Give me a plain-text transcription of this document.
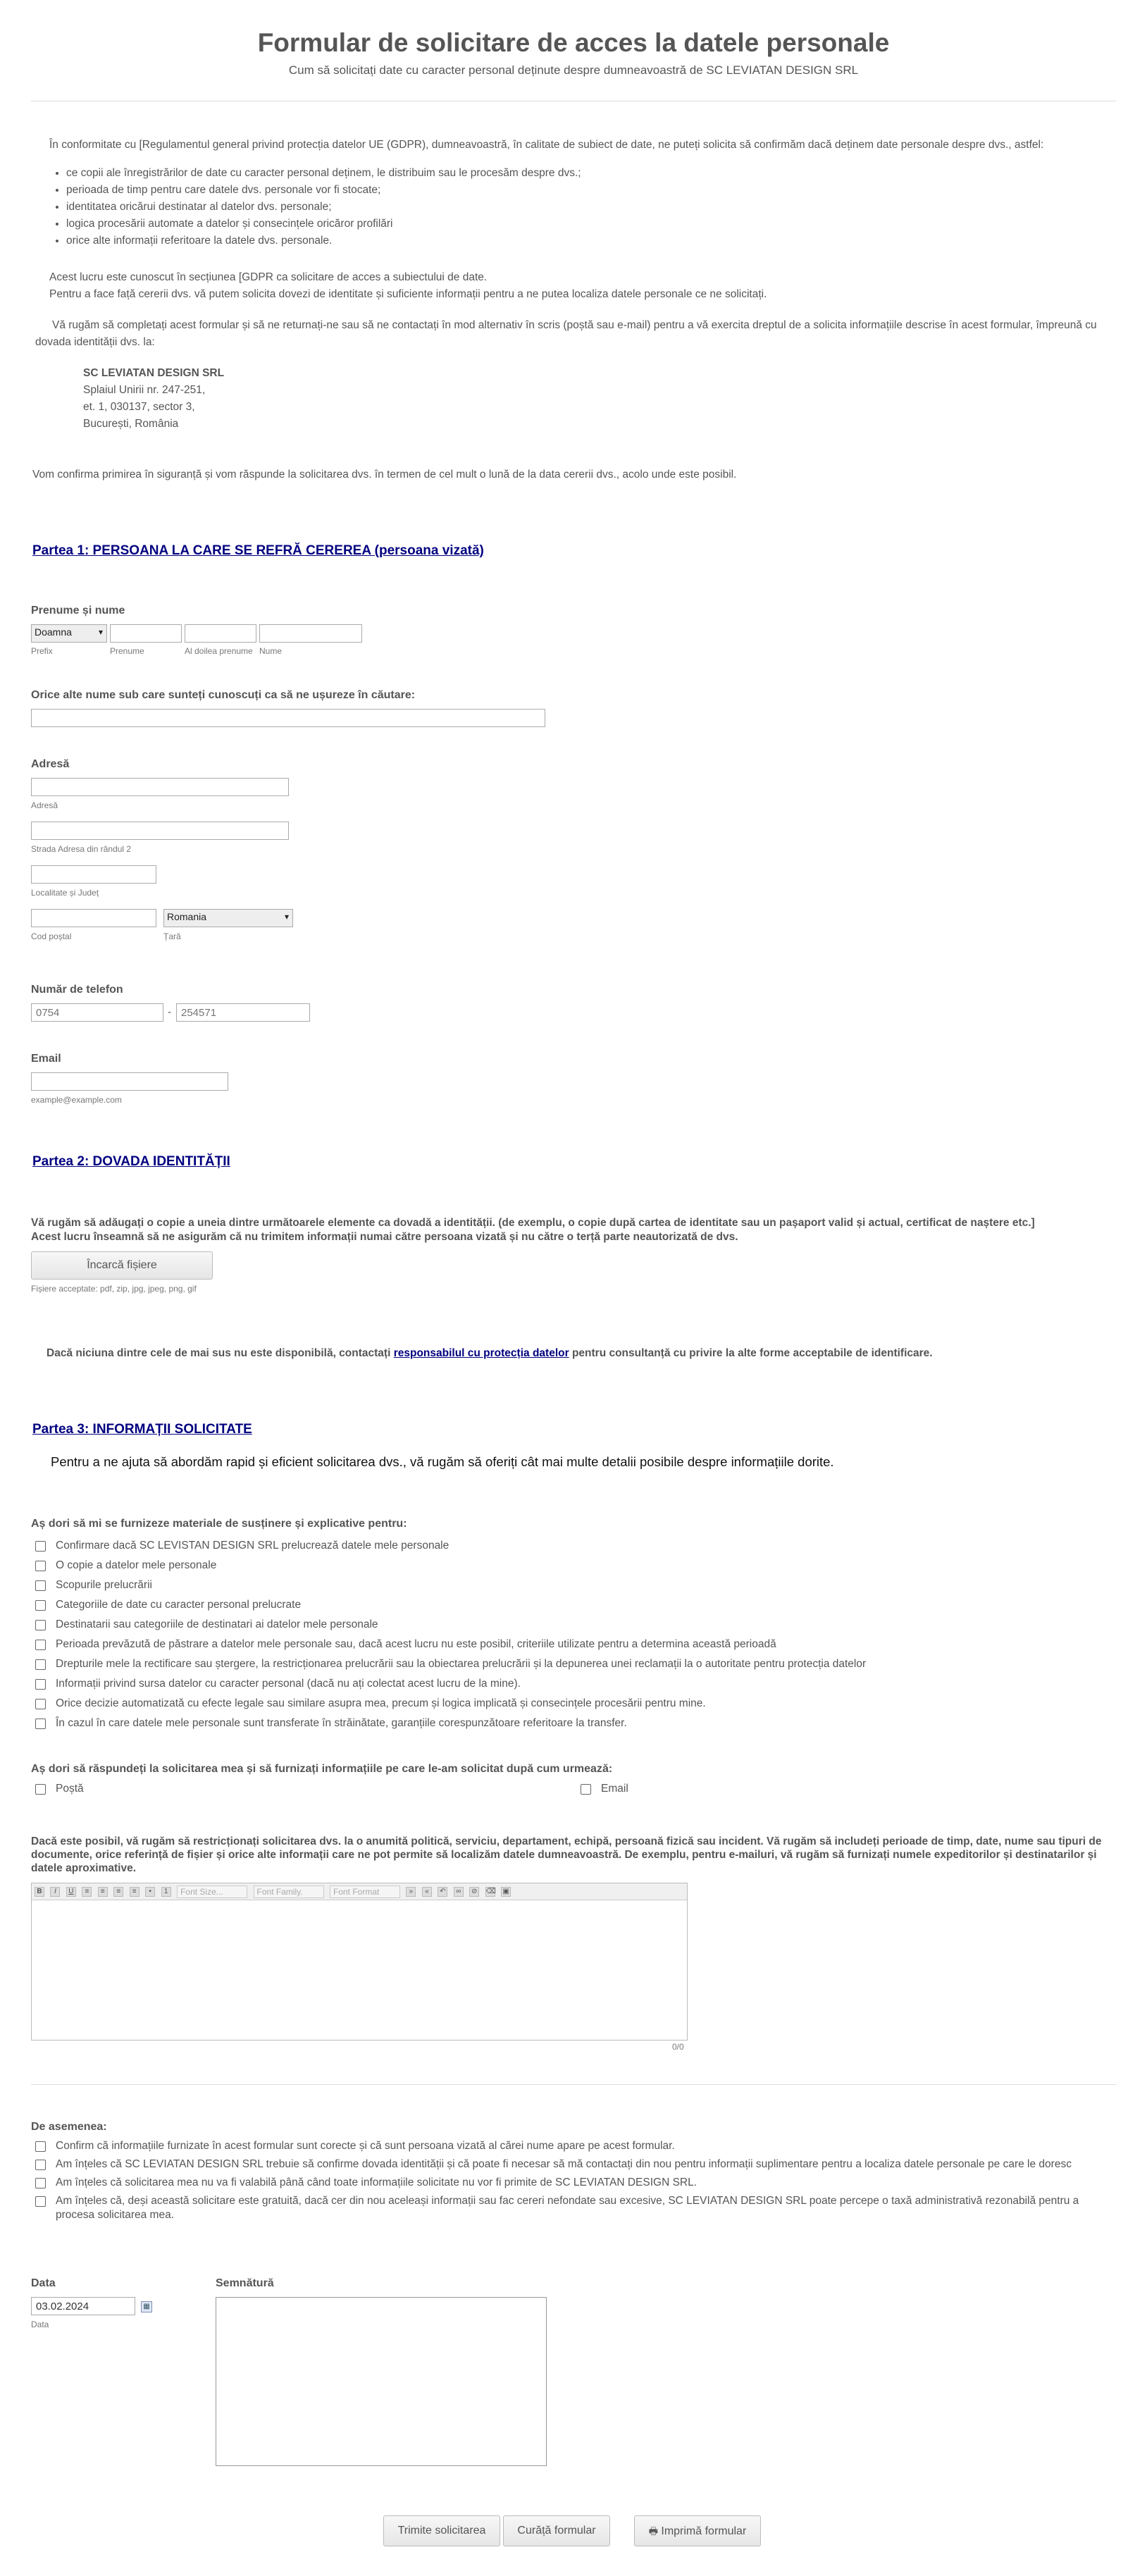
Formular de solicitare de acces la datele personale
Cum să solicitați date cu caracter personal deținute despre dumneavoastră de SC LEVIATAN DESIGN SRL
În conformitate cu [Regulamentul general privind protecția datelor UE (GDPR), dumneavoastră, în calitate de subiect de date, ne puteți solicita să confirmăm dacă deținem date personale despre dvs., astfel:
• ce copii ale înregistrărilor de date cu caracter personal deținem, le distribuim sau le procesăm despre dvs.;
• perioada de timp pentru care datele dvs. personale vor fi stocate;
• identitatea oricărui destinatar al datelor dvs. personale;
• logica procesării automate a datelor și consecințele oricăror profilări
• orice alte informații referitoare la datele dvs. personale.
Acest lucru este cunoscut în secțiunea [GDPR ca solicitare de acces a subiectului de date.
Pentru a face față cererii dvs. vă putem solicita dovezi de identitate și suficiente informații pentru a ne putea localiza datele personale ce ne solicitați.
Vă rugăm să completați acest formular și să ne returnați-ne sau să ne contactați în mod alternativ în scris (poștă sau e-mail) pentru a vă exercita dreptul de a solicita informațiile descrise în acest formular, împreună cu dovada identității dvs. la:
SC LEVIATAN DESIGN SRL
Splaiul Unirii nr. 247-251,
et. 1, 030137, sector 3,
București, România
Vom confirma primirea în siguranță și vom răspunde la solicitarea dvs. în termen de cel mult o lună de la data cererii dvs., acolo unde este posibil.
Partea 1: PERSOANA LA CARE SE REFRĂ CEREREA (persoana vizată)
Prenume și nume
Doamna	▾
Prefix	Prenume	Al doilea prenume Nume
Orice alte nume sub care sunteți cunoscuți ca să ne ușureze în căutare:
Adresă
Adresă
Strada Adresa din rândul 2
Localitate și Județ
Romania	▾
Cod poștal	Țară
Număr de telefon
0754
-
254571
Email
example@example.com
Partea 2: DOVADA IDENTITĂȚII
Vă rugăm să adăugați o copie a uneia dintre următoarele elemente ca dovadă a identității. (de exemplu, o copie după cartea de identitate sau un pașaport valid și actual, certificat de naștere etc.]
Acest lucru înseamnă să ne asigurăm că nu trimitem informații numai către persoana vizată și nu către o terță parte neautorizată de dvs.
Încarcă fișiere
Fișiere acceptate: pdf, zip, jpg, jpeg, png, gif
Dacă niciuna dintre cele de mai sus nu este disponibilă, contactați responsabilul cu protecția datelor pentru consultanță cu privire la alte forme acceptabile de identificare.
Partea 3: INFORMAȚII SOLICITATE
Pentru a ne ajuta să abordăm rapid și eficient solicitarea dvs., vă rugăm să oferiți cât mai multe detalii posibile despre informațiile dorite.
Aș dori să mi se furnizeze materiale de susținere și explicative pentru:
Confirmare dacă SC LEVISTAN DESIGN SRL prelucrează datele mele personale
O copie a datelor mele personale
Scopurile prelucrării
Categoriile de date cu caracter personal prelucrate
Destinatarii sau categoriile de destinatari ai datelor mele personale
Perioada prevăzută de păstrare a datelor mele personale sau, dacă acest lucru nu este posibil, criteriile utilizate pentru a determina această perioadă
Drepturile mele la rectificare sau ștergere, la restricționarea prelucrării sau la obiectarea prelucrării și la depunerea unei reclamații la o autoritate pentru protecția datelor
Informații privind sursa datelor cu caracter personal (dacă nu ați colectat acest lucru de la mine).
Orice decizie automatizată cu efecte legale sau similare asupra mea, precum și logica implicată și consecințele procesării pentru mine.
În cazul în care datele mele personale sunt transferate în străinătate, garanțiile corespunzătoare referitoare la transfer.
Aș dori să răspundeți la solicitarea mea și să furnizați informațiile pe care le-am solicitat după cum urmează:
Poștă	Email
Dacă este posibil, vă rugăm să restricționați solicitarea dvs. la o anumită politică, serviciu, departament, echipă, persoană fizică sau incident. Vă rugăm să includeți perioade de timp, date, nume sau tipuri de documente, orice referință de fișier și orice alte informații care ne pot permite să localizăm datele dumneavoastră. De exemplu, pentru e-mailuri, vă rugăm să furnizați numele expeditorilor și destinatarilor și datele aproximative.
B I U ≡ ≡ ≡ ≡ • 1 Font Size...	Font Family.	Font Format	» « ↶ ∞ ⊘ ⌫ ▣
0/0
De asemenea:
Confirm că informațiile furnizate în acest formular sunt corecte și că sunt persoana vizată al cărei nume apare pe acest formular.
Am înțeles că SC LEVIATAN DESIGN SRL trebuie să confirme dovada identității și că poate fi necesar să mă contactați din nou pentru informații suplimentare pentru a localiza datele personale pe care le doresc
Am înțeles că solicitarea mea nu va fi valabilă până când toate informațiile solicitate nu vor fi primite de SC LEVIATAN DESIGN SRL.
Am înțeles că, deși această solicitare este gratuită, dacă cer din nou aceleași informații sau fac cereri nefondate sau excesive, SC LEVIATAN DESIGN SRL poate percepe o taxă administrativă rezonabilă pentru a procesa solicitarea mea.
Data
03.02.2024
▦
Data
Semnătură
Trimite solicitarea	Curăță formular	🖶 Imprimă formular
